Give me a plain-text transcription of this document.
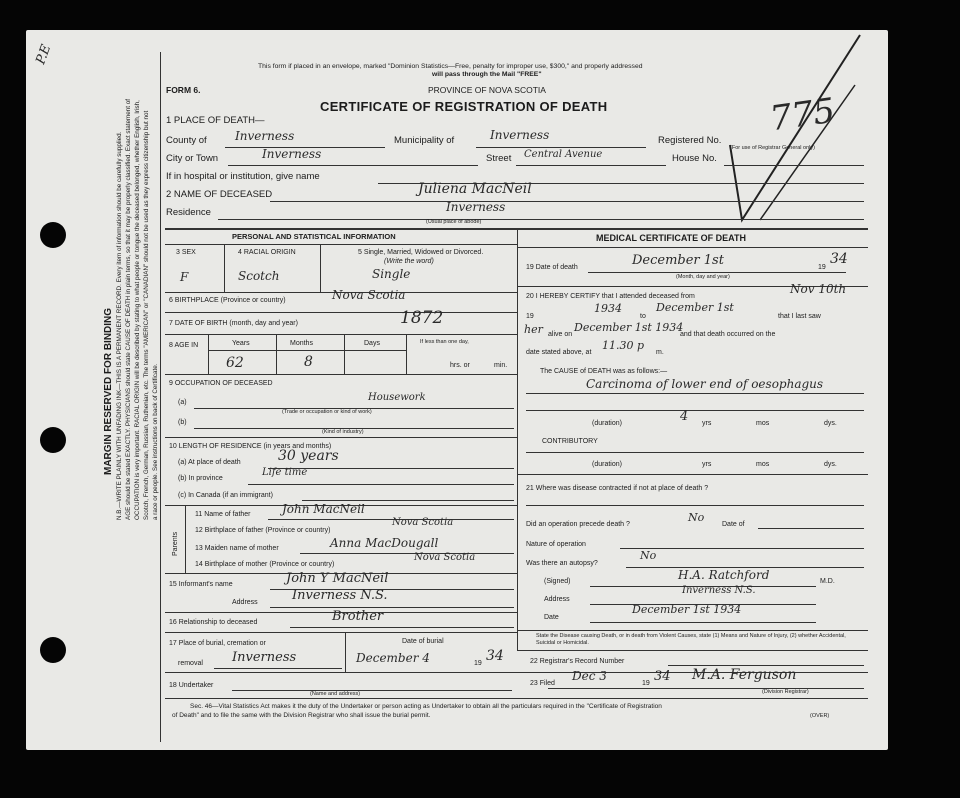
P.E
MARGIN RESERVED FOR BINDING N.B.—WRITE PLAINLY WITH UNFADING INK—THIS IS A PERMANENT RECORD. Every item of information should be carefully supplied. AGE should be stated EXACTLY. PHYSICIANS should state CAUSE OF DEATH in plain terms, so that it may be properly classified. Exact statement of OCCUPATION is very important. RACIAL ORIGIN will be described by stating to what people or tongue the deceased belonged, whether English, Irish, Scotch, French, German, Russian, Ruthenian, etc. The terms "AMERICAN" or "CANADIAN" should not be used as they express citizenship but not a race or people. See instructions on back of Certificate.
This form if placed in an envelope, marked "Dominion Statistics—Free, penalty for improper use, $300," and properly addressed
will pass through the Mail "FREE"
FORM 6.	PROVINCE OF NOVA SCOTIA
CERTIFICATE OF REGISTRATION OF DEATH	775
1 PLACE OF DEATH—
County of Inverness	Municipality of	Inverness	Registered No.
(For use of Registrar General only)
City or Town	Inverness	Street Central Avenue	House No.
If in hospital or institution, give name
2 NAME OF DECEASED	Juliena MacNeil
Residence	Inverness
(Usual place of abode)
PERSONAL AND STATISTICAL INFORMATION
3 SEX	4 RACIAL ORIGIN	5 Single, Married, Widowed or Divorced.
(Write the word)
F	Scotch	Single
6 BIRTHPLACE (Province or country)	Nova Scotia
7 DATE OF BIRTH (month, day and year)	1872
8 AGE IN	Years	Months	Days	If less than one day,
hrs. or	min.
62	8
9 OCCUPATION OF DECEASED
(a)	Housework
(Trade or occupation or kind of work)
(b)
(Kind of industry)
10 LENGTH OF RESIDENCE (in years and months)
(a) At place of death	30 years
(b) In province
Life time
(c) In Canada (if an immigrant)
Parents
11 Name of father	John MacNeil
12 Birthplace of father (Province or country)
Nova Scotia
13 Maiden name of mother	Anna MacDougall
14 Birthplace of mother (Province or country)
Nova Scotia
15 Informant's name	John Y MacNeil
Address	Inverness N.S.
16 Relationship to deceased	Brother
17 Place of burial, cremation or
removal Inverness
Date of burial
December 4	19 34
18 Undertaker
(Name and address)
MEDICAL CERTIFICATE OF DEATH
19 Date of death	December 1st	19
34
(Month, day and year)
20 I HEREBY CERTIFY that I attended deceased from
Nov 10th
19
1934
to
December 1st
that I last saw
her alive on
December 1st 1934
and that death occurred on the
date stated above, at
11.30 p
m.
The CAUSE of DEATH was as follows:—
Carcinoma of lower end of oesophagus
(duration)	4 yrs	mos	dys.
CONTRIBUTORY
(duration)	yrs	mos	dys.
21 Where was disease contracted if not at place of death ?
Did an operation precede death ?
No
Date of
Nature of operation
Was there an autopsy?
No
(Signed)	H.A. Ratchford	M.D.
Address
Inverness N.S.
Date
December 1st 1934
State the Disease causing Death, or in death from Violent Causes, state (1) Means and Nature of Injury, (2) whether Accidental, Suicidal or Homicidal.
22 Registrar's Record Number
23 Filed
Dec 3
19 34 M.A. Ferguson
(Division Registrar)
Sec. 46—Vital Statistics Act makes it the duty of the Undertaker or person acting as Undertaker to obtain all the particulars required in the "Certificate of Registration
of Death" and to file the same with the Division Registrar who shall issue the burial permit.	(OVER)
